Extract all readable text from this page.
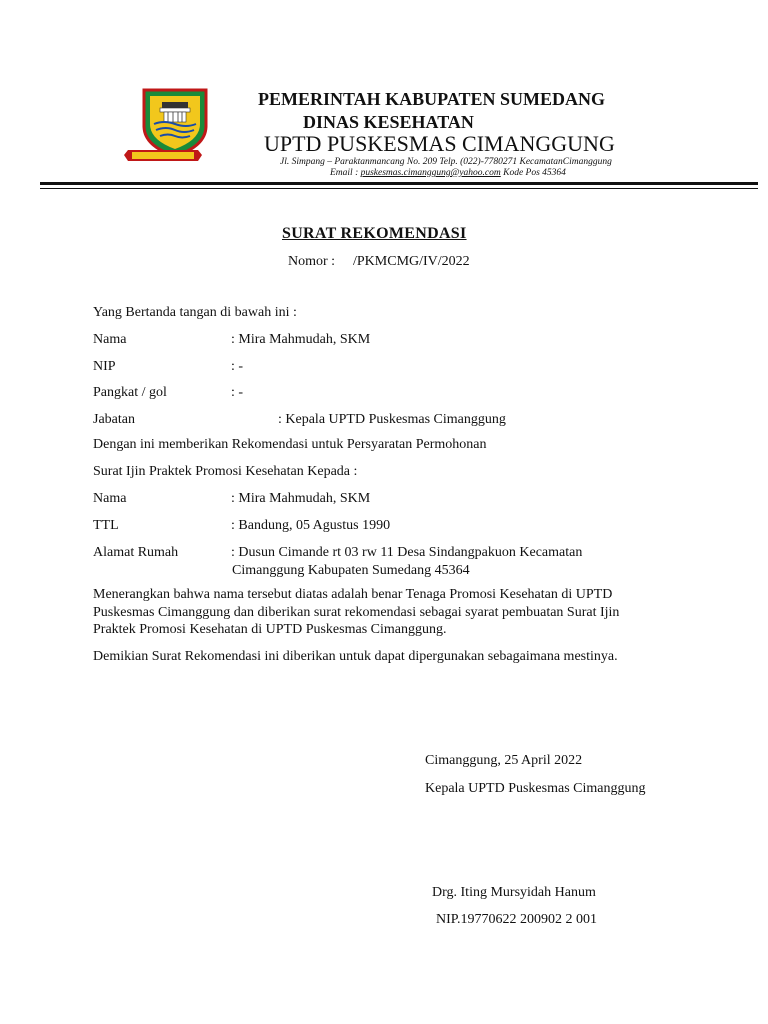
PEMERINTAH KABUPATEN SUMEDANG
DINAS KESEHATAN
UPTD PUSKESMAS CIMANGGUNG
Jl. Simpang – Paraktanmancang No. 209 Telp. (022)-7780271 KecamatanCimanggung
Email : puskesmas.cimanggung@yahoo.com Kode Pos 45364
SURAT REKOMENDASI
Nomor : /PKMCMG/IV/2022
Yang Bertanda tangan di bawah ini :
Nama	: Mira Mahmudah, SKM
NIP	: -
Pangkat / gol	: -
Jabatan	: Kepala UPTD Puskesmas Cimanggung
Dengan ini memberikan Rekomendasi untuk Persyaratan Permohonan
Surat Ijin Praktek Promosi Kesehatan Kepada :
Nama	: Mira Mahmudah, SKM
TTL	: Bandung, 05 Agustus 1990
Alamat Rumah	: Dusun Cimande rt 03 rw 11 Desa Sindangpakuon Kecamatan
Cimanggung Kabupaten Sumedang 45364
Menerangkan bahwa nama tersebut diatas adalah benar Tenaga Promosi Kesehatan di UPTD
Puskesmas Cimanggung dan diberikan surat rekomendasi sebagai syarat pembuatan Surat Ijin
Praktek Promosi Kesehatan di UPTD Puskesmas Cimanggung.
Demikian Surat Rekomendasi ini diberikan untuk dapat dipergunakan sebagaimana mestinya.
Cimanggung, 25 April 2022
Kepala UPTD Puskesmas Cimanggung
Drg. Iting Mursyidah Hanum
NIP.19770622 200902 2 001
